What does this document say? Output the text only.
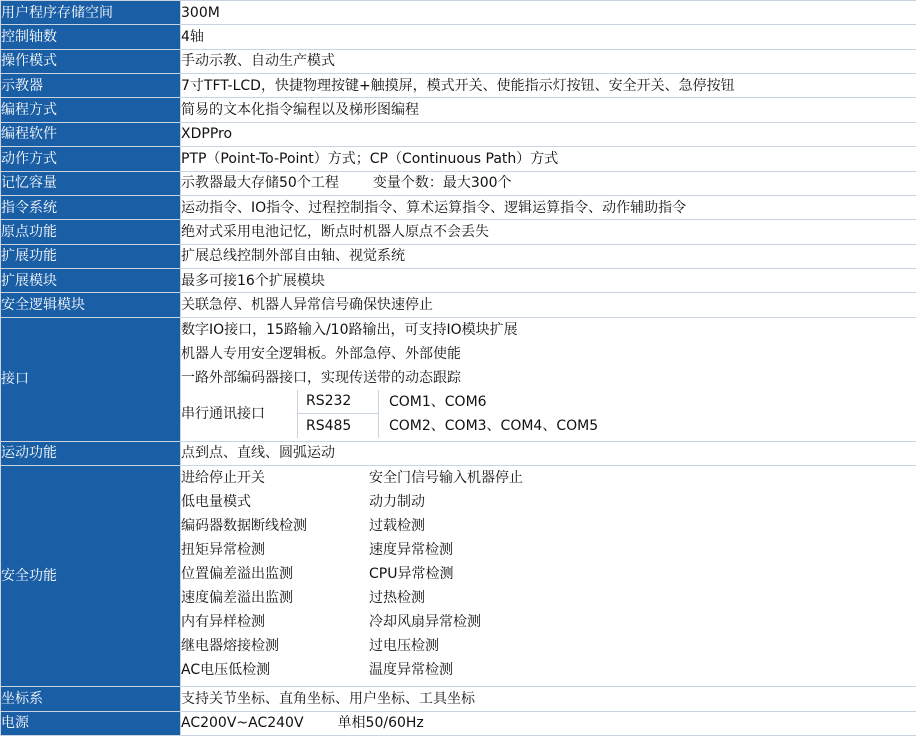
用户程序存储空间	300M
控制轴数	4轴
操作模式	手动示教、自动生产模式
示教器	7寸TFT-LCD，快捷物理按键+触摸屏，模式开关、使能指示灯按钮、安全开关、急停按钮
编程方式	简易的文本化指令编程以及梯形图编程
编程软件	XDPPro
动作方式	PTP（Point-To-Point）方式；CP（Continuous Path）方式
记忆容量	示教器最大存储50个工程 变量个数：最大300个
指令系统	运动指令、IO指令、过程控制指令、算术运算指令、逻辑运算指令、动作辅助指令
原点功能	绝对式采用电池记忆，断点时机器人原点不会丢失
扩展功能	扩展总线控制外部自由轴、视觉系统
扩展模块	最多可接16个扩展模块
安全逻辑模块	关联急停、机器人异常信号确保快速停止
接口	
数字IO接口，15路输入/10路输出，可支持IO模块扩展
机器人专用安全逻辑板。外部急停、外部使能
一路外部编码器接口，实现传送带的动态跟踪
串行通讯接口	RS232	COM1、COM6
RS485	COM2、COM3、COM4、COM5

运动功能	点到点、直线、圆弧运动
安全功能	
进给停止开关	安全门信号输入机器停止
低电量模式	动力制动
编码器数据断线检测	过载检测
扭矩异常检测	速度异常检测
位置偏差溢出监测	CPU异常检测
速度偏差溢出监测	过热检测
内有异样检测	冷却风扇异常检测
继电器熔接检测	过电压检测
AC电压低检测	温度异常检测

坐标系	支持关节坐标、直角坐标、用户坐标、工具坐标
电源	AC200V~AC240V 单相50/60Hz
